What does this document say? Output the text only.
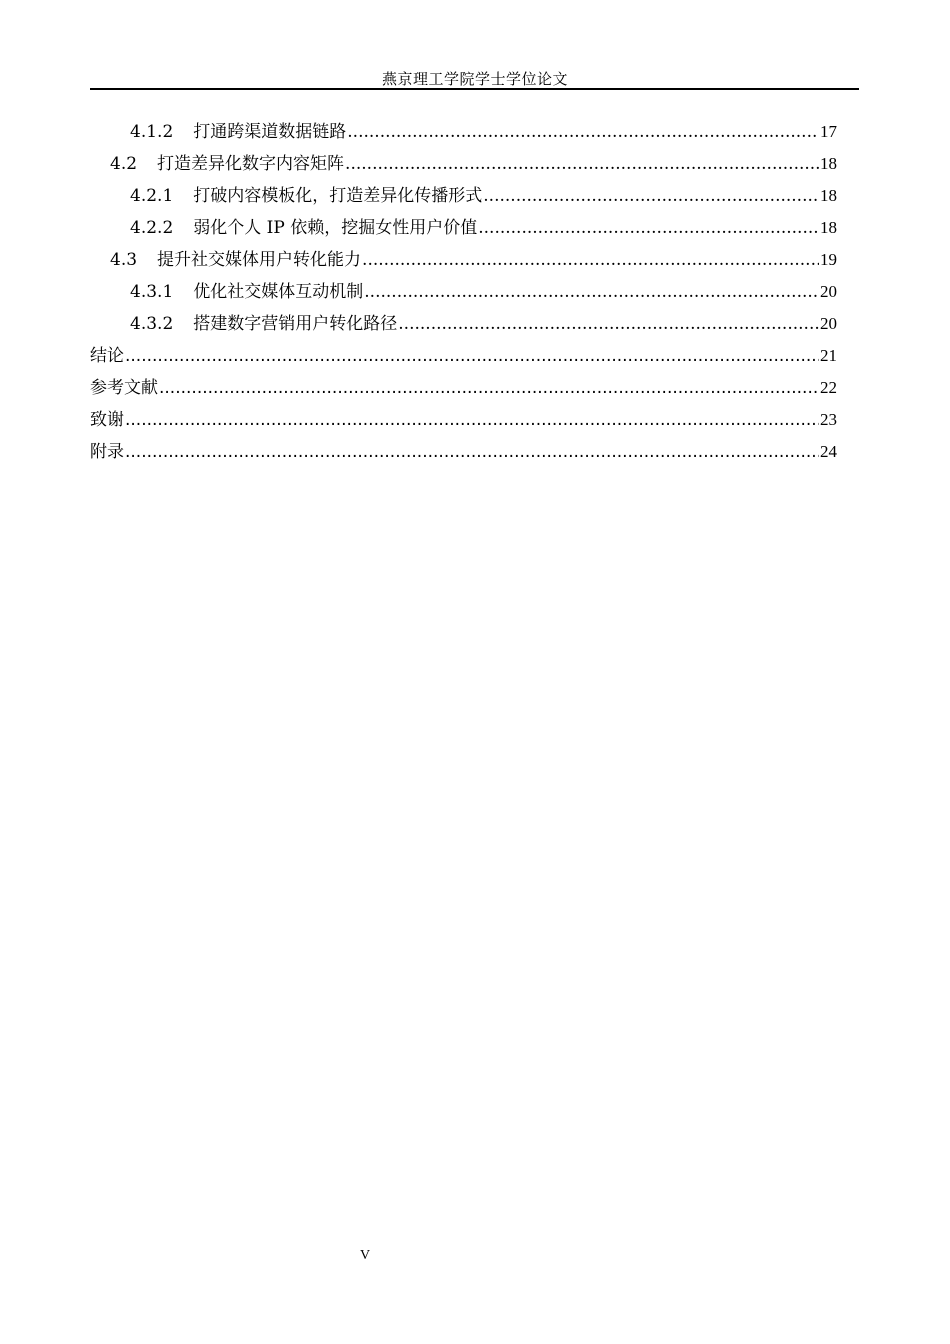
燕京理工学院学士学位论文
4.1.2 打通跨渠道数据链路 .....	17
4.2 打造差异化数字内容矩阵 .....	18
4.2.1 打破内容模板化，打造差异化传播形式 .....	18
4.2.2 弱化个人 IP 依赖，挖掘女性用户价值 .....	18
4.3 提升社交媒体用户转化能力 .....	19
4.3.1 优化社交媒体互动机制 .....	20
4.3.2 搭建数字营销用户转化路径 .....	20
结论 .....	21
参考文献 .....	22
致谢 .....	23
附录 .....	24
V
